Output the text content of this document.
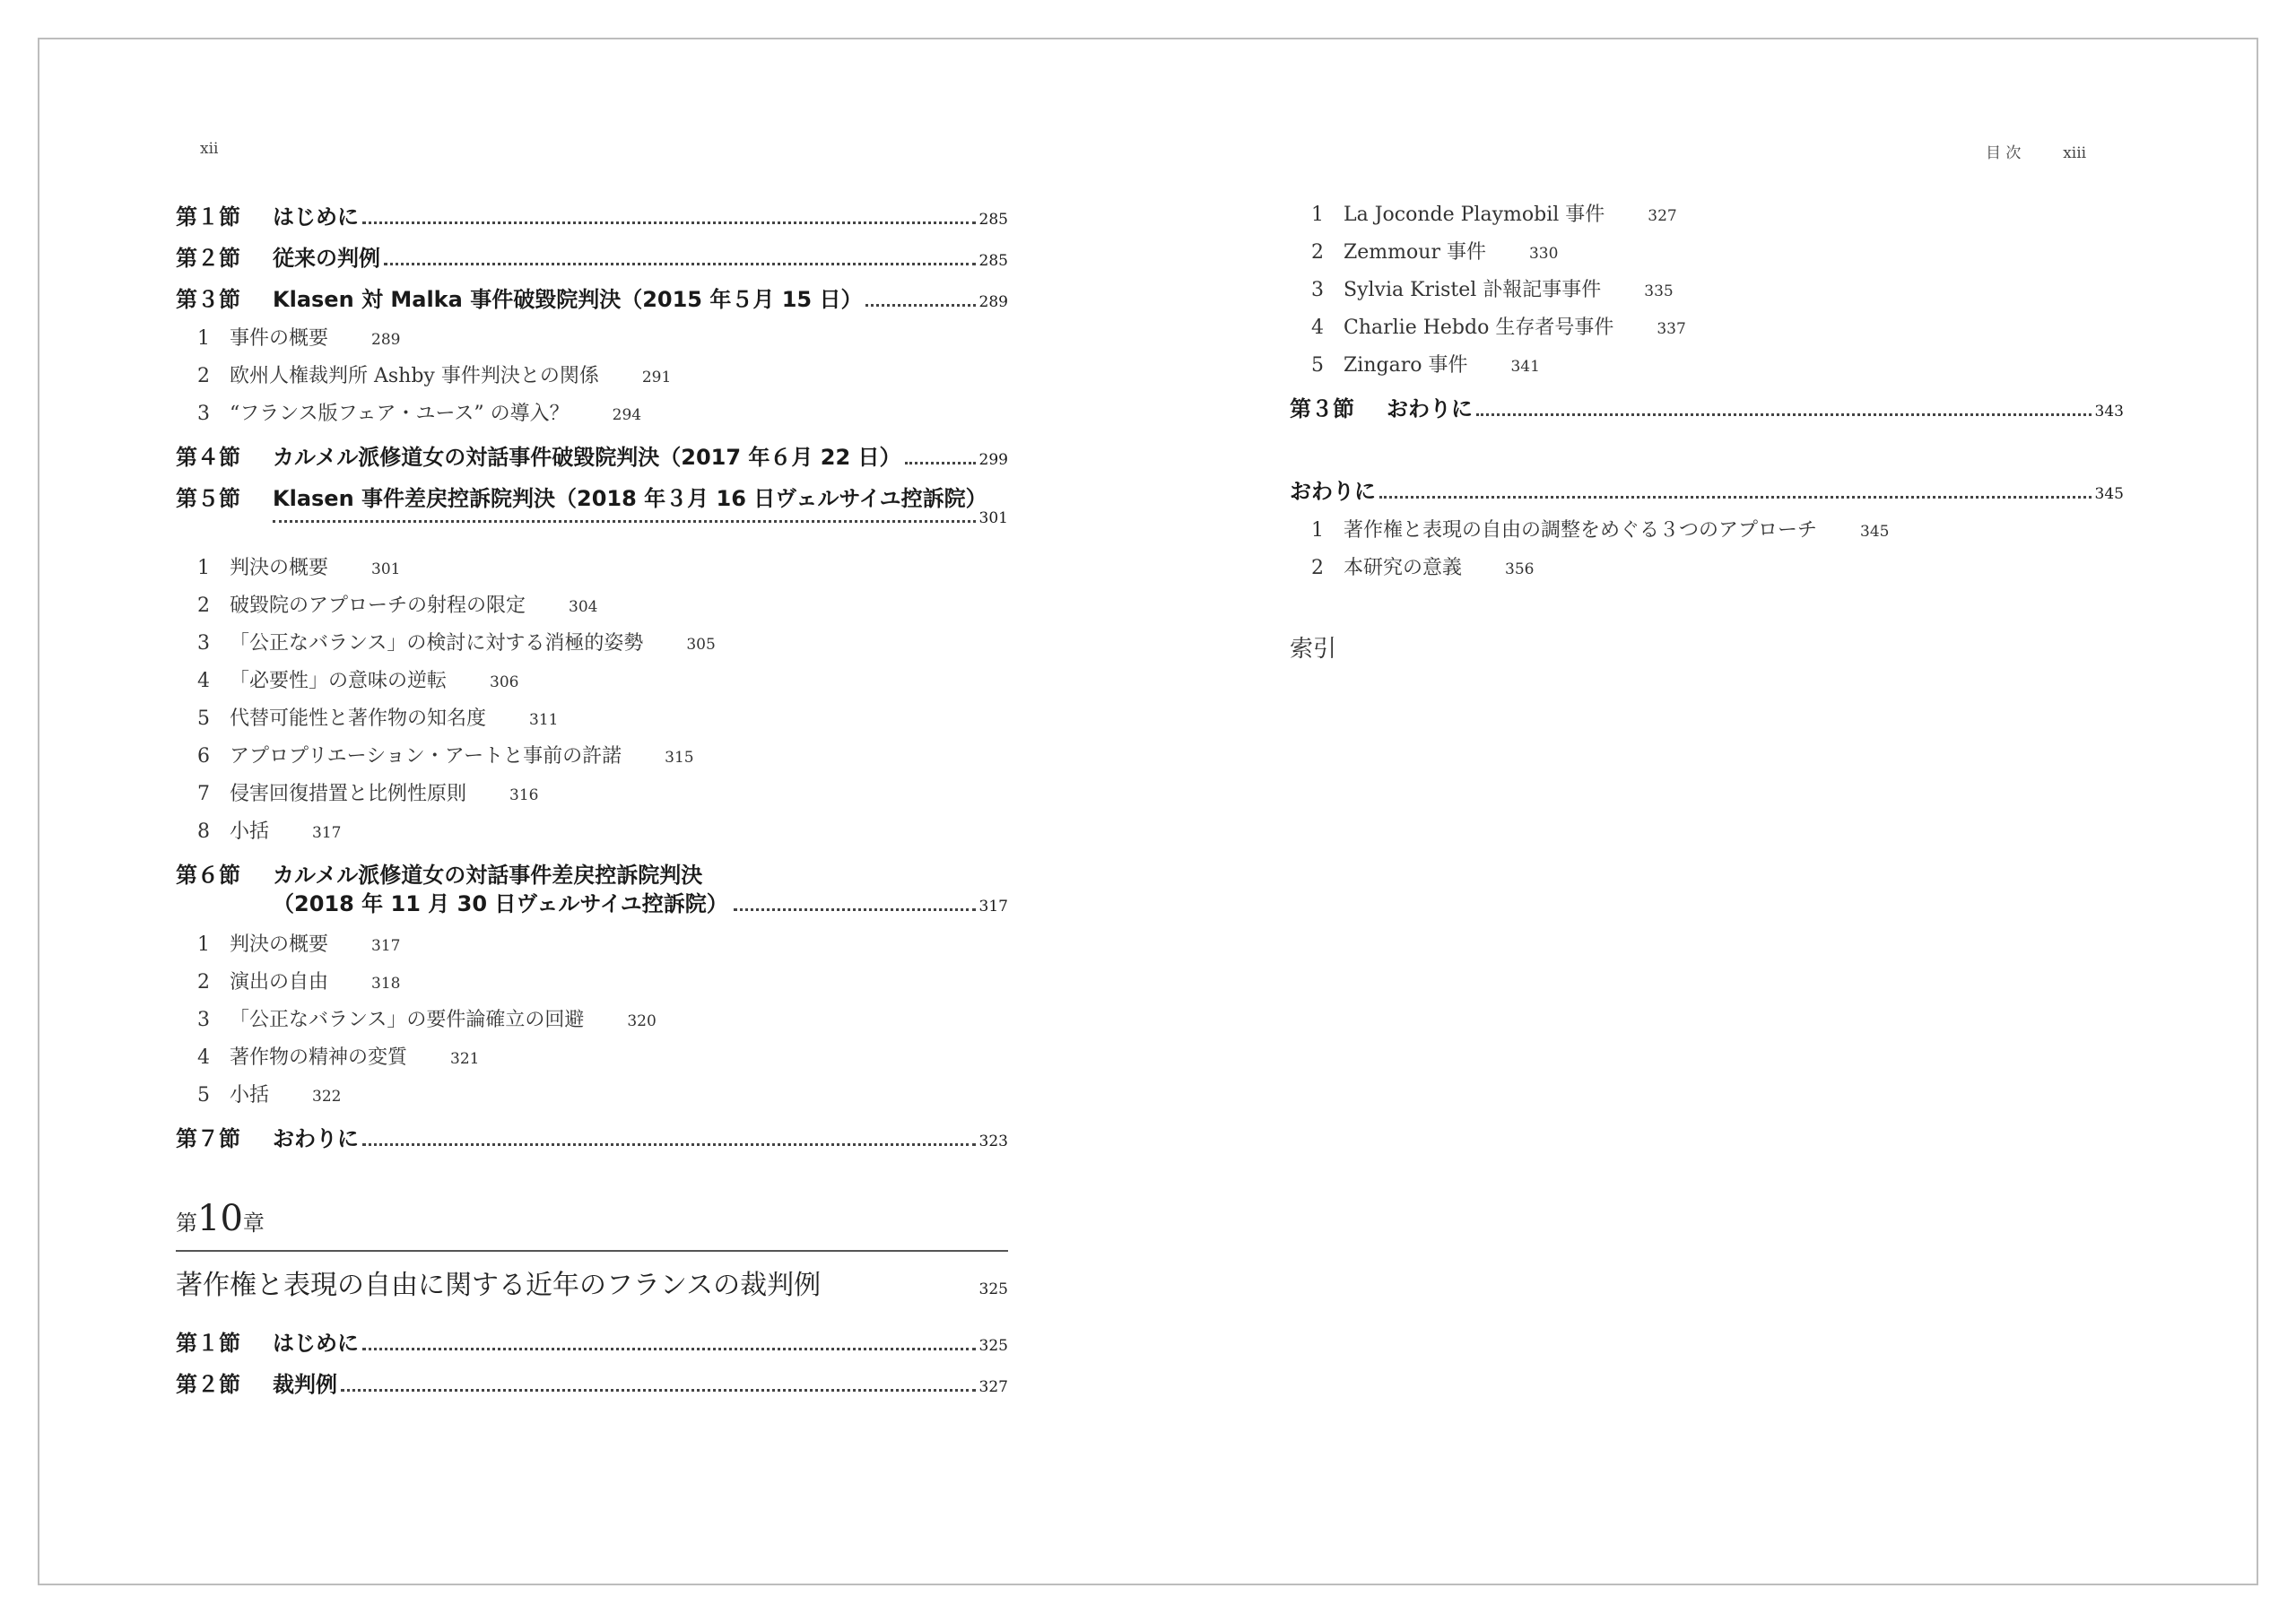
xii	目 次	xiii
第１節	はじめに	285
第２節	従来の判例	285
第３節	Klasen 対 Malka 事件破毀院判決（2015 年５月 15 日）	289
1	事件の概要	289
2	欧州人権裁判所 Ashby 事件判決との関係	291
3	“フランス版フェア・ユース” の導入？	294
第４節	カルメル派修道女の対話事件破毀院判決（2017 年６月 22 日）	299
第５節	Klasen 事件差戻控訴院判決（2018 年３月 16 日ヴェルサイユ控訴院）
301
1	判決の概要	301
2	破毀院のアプローチの射程の限定	304
3	「公正なバランス」の検討に対する消極的姿勢	305
4	「必要性」の意味の逆転	306
5	代替可能性と著作物の知名度	311
6	アプロプリエーション・アートと事前の許諾	315
7	侵害回復措置と比例性原則	316
8	小括	317
第６節	カルメル派修道女の対話事件差戻控訴院判決
（2018 年 11 月 30 日ヴェルサイユ控訴院）	317
1	判決の概要	317
2	演出の自由	318
3	「公正なバランス」の要件論確立の回避	320
4	著作物の精神の変質	321
5	小括	322
第７節	おわりに	323
第10章
著作権と表現の自由に関する近年のフランスの裁判例	325
第１節	はじめに	325
第２節	裁判例	327
1	La Joconde Playmobil 事件	327
2	Zemmour 事件	330
3	Sylvia Kristel 訃報記事事件	335
4	Charlie Hebdo 生存者号事件	337
5	Zingaro 事件	341
第３節	おわりに	343
おわりに	345
1	著作権と表現の自由の調整をめぐる３つのアプローチ	345
2	本研究の意義	356
索引
